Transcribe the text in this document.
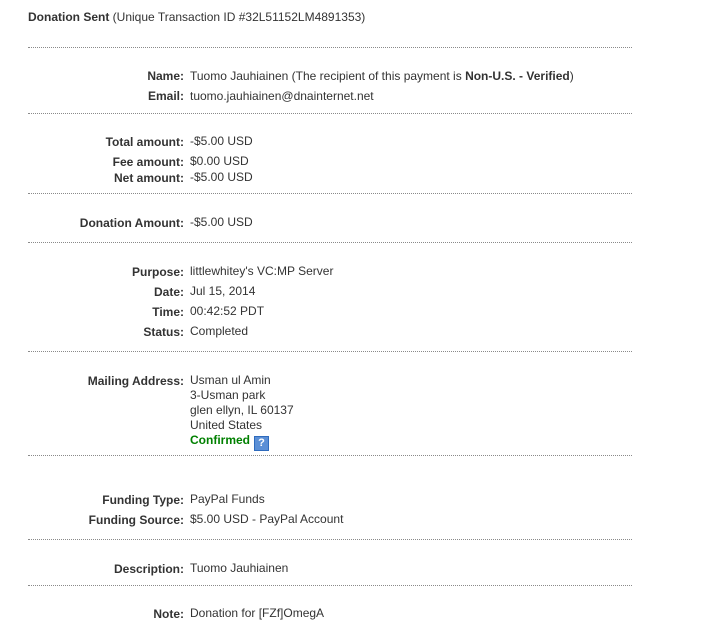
Donation Sent (Unique Transaction ID #32L51152LM4891353)
Name: Tuomo Jauhiainen (The recipient of this payment is Non-U.S. - Verified)
Email: tuomo.jauhiainen@dnainternet.net
Total amount: -$5.00 USD
Fee amount: $0.00 USD
Net amount: -$5.00 USD
Donation Amount: -$5.00 USD
Purpose: littlewhitey's VC:MP Server
Date: Jul 15, 2014
Time: 00:42:52 PDT
Status: Completed
Mailing Address: Usman ul Amin
3-Usman park
glen ellyn, IL 60137
United States
Confirmed ?
Funding Type: PayPal Funds
Funding Source: $5.00 USD - PayPal Account
Description: Tuomo Jauhiainen
Note: Donation for [FZf]OmegA
